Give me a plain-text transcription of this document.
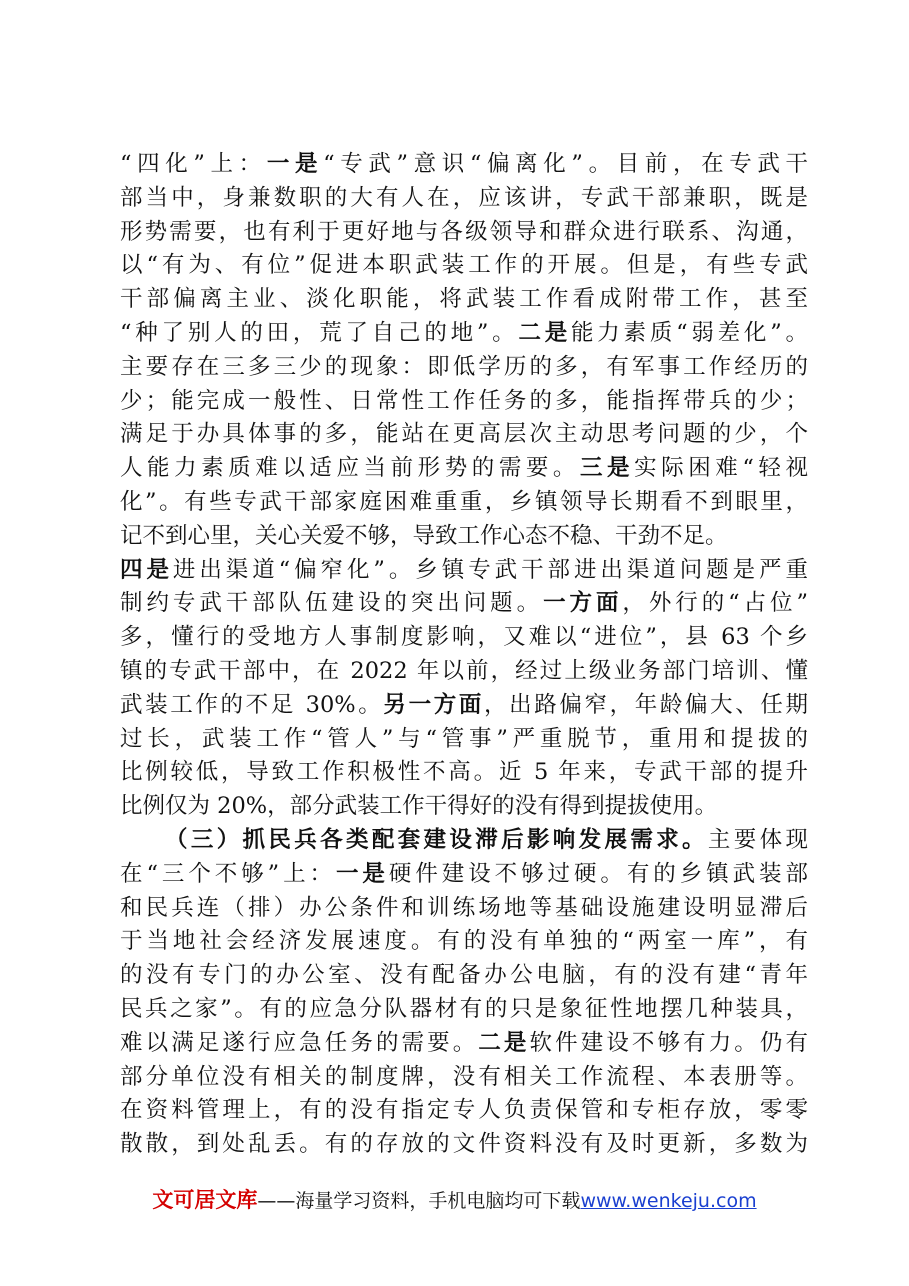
“四化”上：一是“专武”意识“偏离化”。目前，在专武干
部当中，身兼数职的大有人在，应该讲，专武干部兼职，既是
形势需要，也有利于更好地与各级领导和群众进行联系、沟通，
以“有为、有位”促进本职武装工作的开展。但是，有些专武
干部偏离主业、淡化职能，将武装工作看成附带工作，甚至
“种了别人的田，荒了自己的地”。二是能力素质“弱差化”。
主要存在三多三少的现象：即低学历的多，有军事工作经历的
少；能完成一般性、日常性工作任务的多，能指挥带兵的少；
满足于办具体事的多，能站在更高层次主动思考问题的少，个
人能力素质难以适应当前形势的需要。三是实际困难“轻视
化”。有些专武干部家庭困难重重，乡镇领导长期看不到眼里，
记不到心里，关心关爱不够，导致工作心态不稳、干劲不足。
四是进出渠道“偏窄化”。乡镇专武干部进出渠道问题是严重
制约专武干部队伍建设的突出问题。一方面，外行的“占位”
多，懂行的受地方人事制度影响，又难以“进位”，县 63 个乡
镇的专武干部中，在 2022 年以前，经过上级业务部门培训、懂
武装工作的不足 30%。另一方面，出路偏窄，年龄偏大、任期
过长，武装工作“管人”与“管事”严重脱节，重用和提拔的
比例较低，导致工作积极性不高。近 5 年来，专武干部的提升
比例仅为 20%，部分武装工作干得好的没有得到提拔使用。
（三）抓民兵各类配套建设滞后影响发展需求。主要体现
在“三个不够”上：一是硬件建设不够过硬。有的乡镇武装部
和民兵连（排）办公条件和训练场地等基础设施建设明显滞后
于当地社会经济发展速度。有的没有单独的“两室一库”，有
的没有专门的办公室、没有配备办公电脑，有的没有建“青年
民兵之家”。有的应急分队器材有的只是象征性地摆几种装具，
难以满足遂行应急任务的需要。二是软件建设不够有力。仍有
部分单位没有相关的制度牌，没有相关工作流程、本表册等。
在资料管理上，有的没有指定专人负责保管和专柜存放，零零
散散，到处乱丢。有的存放的文件资料没有及时更新，多数为
文可居文库——海量学习资料，手机电脑均可下载www.wenkeju.com
